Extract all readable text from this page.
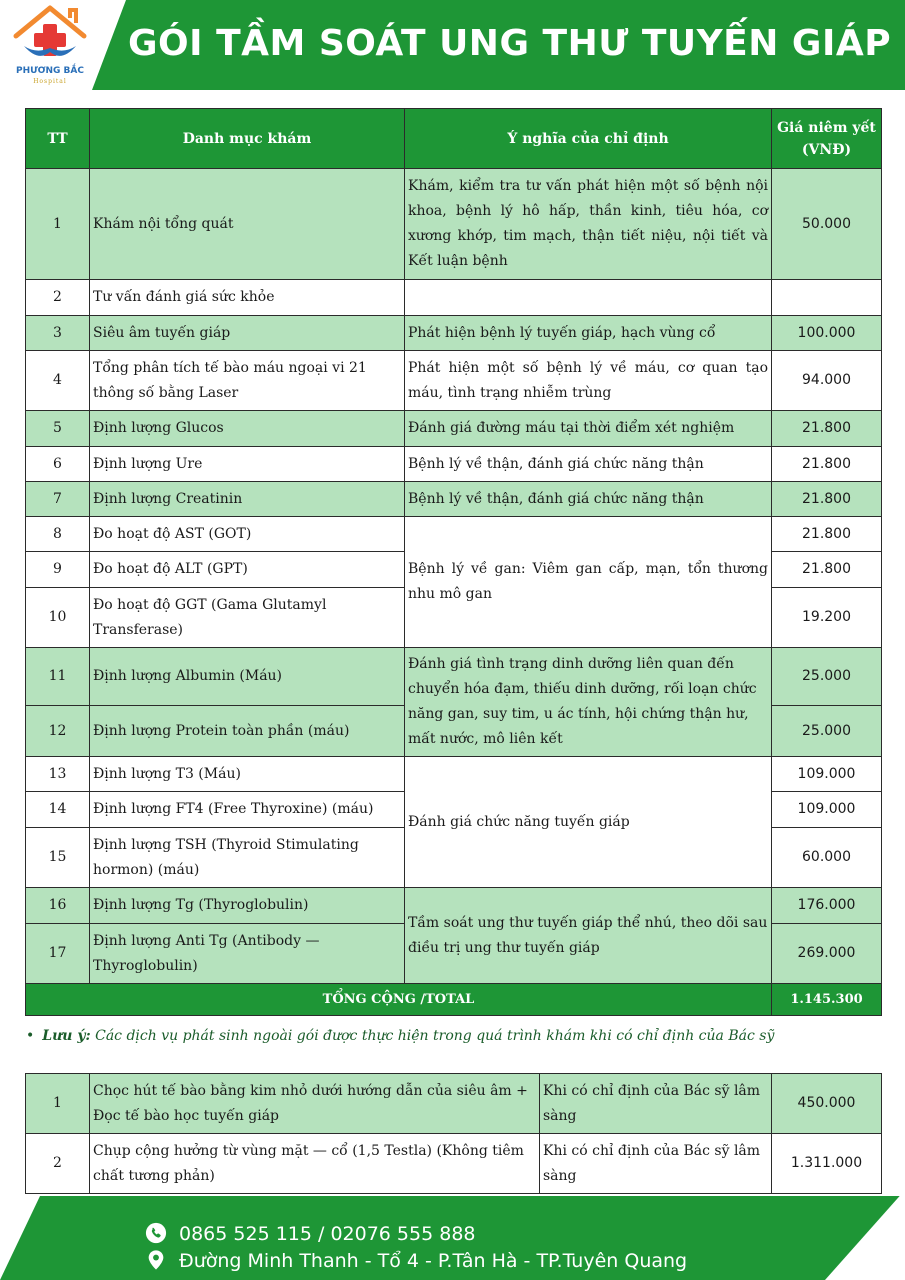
PHƯƠNG BẮC
Hospital
GÓI TẦM SOÁT UNG THƯ TUYẾN GIÁP
TT	Danh mục khám	Ý nghĩa của chỉ định	Giá niêm yết
(VNĐ)
1	Khám nội tổng quát	Khám, kiểm tra tư vấn phát hiện một số bệnh nội khoa, bệnh lý hô hấp, thần kinh, tiêu hóa, cơ xương khớp, tim mạch, thận tiết niệu, nội tiết và Kết luận bệnh	50.000
2	Tư vấn đánh giá sức khỏe		
3	Siêu âm tuyến giáp	Phát hiện bệnh lý tuyến giáp, hạch vùng cổ	100.000
4	Tổng phân tích tế bào máu ngoại vi 21 thông số bằng Laser	Phát hiện một số bệnh lý về máu, cơ quan tạo máu, tình trạng nhiễm trùng	94.000
5	Định lượng Glucos	Đánh giá đường máu tại thời điểm xét nghiệm	21.800
6	Định lượng Ure	Bệnh lý về thận, đánh giá chức năng thận	21.800
7	Định lượng Creatinin	Bệnh lý về thận, đánh giá chức năng thận	21.800
8	Đo hoạt độ AST (GOT)	Bệnh lý về gan: Viêm gan cấp, mạn, tổn thương nhu mô gan	21.800
9	Đo hoạt độ ALT (GPT)		21.800
10	Đo hoạt độ GGT (Gama Glutamyl Transferase)		19.200
11	Định lượng Albumin (Máu)	Đánh giá tình trạng dinh dưỡng liên quan đến chuyển hóa đạm, thiếu dinh dưỡng, rối loạn chức năng gan, suy tim, u ác tính, hội chứng thận hư, mất nước, mô liên kết	25.000
12	Định lượng Protein toàn phần (máu)		25.000
13	Định lượng T3 (Máu)	Đánh giá chức năng tuyến giáp	109.000
14	Định lượng FT4 (Free Thyroxine) (máu)		109.000
15	Định lượng TSH (Thyroid Stimulating hormon) (máu)		60.000
16	Định lượng Tg (Thyroglobulin)	Tầm soát ung thư tuyến giáp thể nhú, theo dõi sau điều trị ung thư tuyến giáp	176.000
17	Định lượng Anti Tg (Antibody — Thyroglobulin)		269.000
TỔNG CỘNG /TOTAL			1.145.300
• Lưu ý: Các dịch vụ phát sinh ngoài gói được thực hiện trong quá trình khám khi có chỉ định của Bác sỹ
1	Chọc hút tế bào bằng kim nhỏ dưới hướng dẫn của siêu âm + Đọc tế bào học tuyến giáp	Khi có chỉ định của Bác sỹ lâm sàng	450.000
2	Chụp cộng hưởng từ vùng mặt — cổ (1,5 Testla) (Không tiêm chất tương phản)	Khi có chỉ định của Bác sỹ lâm sàng	1.311.000
0865 525 115 / 02076 555 888
Đường Minh Thanh - Tổ 4 - P.Tân Hà - TP.Tuyên Quang
